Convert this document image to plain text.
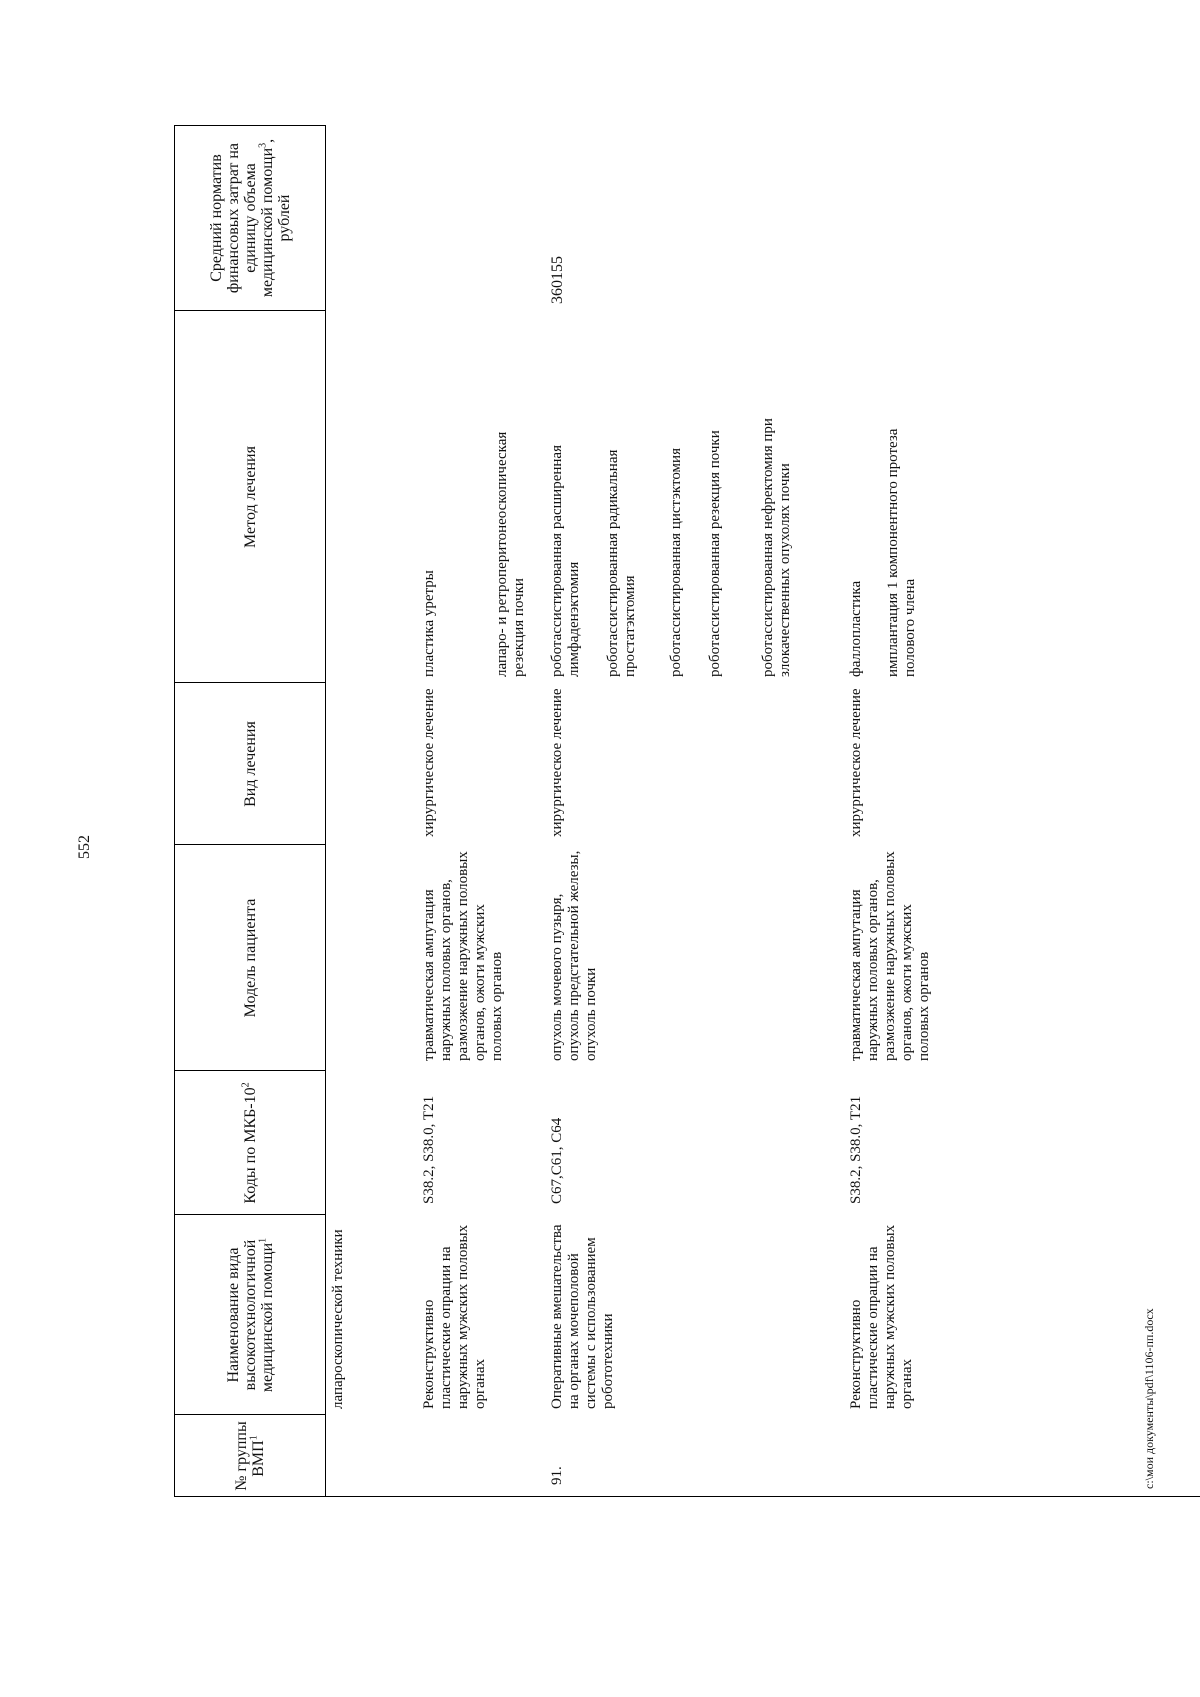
552
№ группы ВМП$^1$
Наименование вида высокотехнологичной медицинской помощи$^1$
Коды по МКБ-$10^2$
Модель пациента
Вид лечения
Метод лечения
Средний норматив финансовых затрат на единицу объема медицинской помощи$^3$, рублей
лапароскопической техники
лапаро- и ретроперитонеоскопическая резекция почки
Реконструктивно пластические опрации на наружных мужских половых органах
S38.2, S38.0, T21
травматическая ампутация наружных половых органов, размозжение наружных половых органов, ожоги мужских половых органов
хирургическое лечение
пластика уретры
91.
Оперативные вмешательства на органах мочеполовой системы с использованием робототехники
С67,С61, С64
опухоль мочевого пузыря, опухоль предстательной железы, опухоль почки
хирургическое лечение
роботассистированная расширенная лимфаденэктомия роботассистированная радикальная простатэктомия роботассистированная цистэктомия роботассистированная резекция почки роботассистированная нефректомия при злокачественных опухолях почки
360155
Реконструктивно пластические опрации на наружных мужских половых органах
S38.2, S38.0, T21
травматическая ампутация наружных половых органов, размозжение наружных половых органов, ожоги мужских половых органов
хирургическое лечение
фаллопластика имплантация 1 компонентного протеза полового члена
c:\мои документы\pdf\1106-пп.docx
